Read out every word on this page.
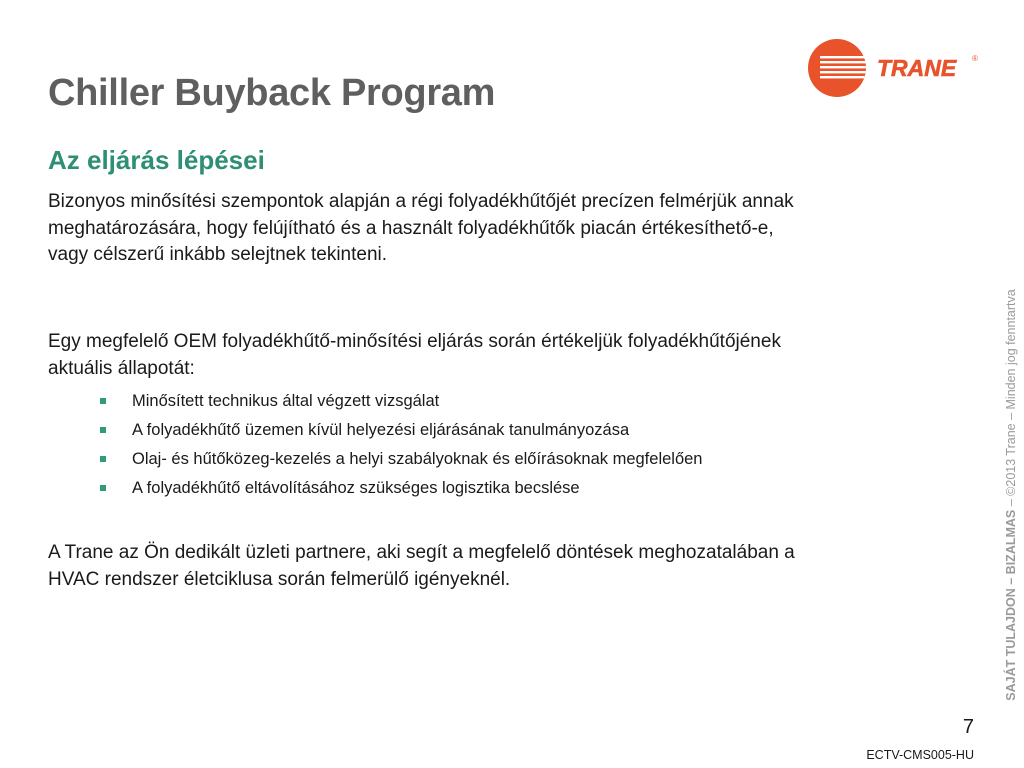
Chiller Buyback Program
TRANE ®
Az eljárás lépései

Bizonyos minősítési szempontok alapján a régi folyadékhűtőjét precízen felmérjük annak meghatározására, hogy felújítható és a használt folyadékhűtők piacán értékesíthető-e, vagy célszerű inkább selejtnek tekinteni.

Egy megfelelő OEM folyadékhűtő-minősítési eljárás során értékeljük folyadékhűtőjének aktuális állapotát:

Minősített technikus által végzett vizsgálat
A folyadékhűtő üzemen kívül helyezési eljárásának tanulmányozása
Olaj- és hűtőközeg-kezelés a helyi szabályoknak és előírásoknak megfelelően
A folyadékhűtő eltávolításához szükséges logisztika becslése

A Trane az Ön dedikált üzleti partnere, aki segít a megfelelő döntések meghozatalában a HVAC rendszer életciklusa során felmerülő igényeknél.	SAJÁT TULAJDON – BIZALMAS – ©2013 Trane – Minden jog fenntartva
7
ECTV-CMS005-HU
